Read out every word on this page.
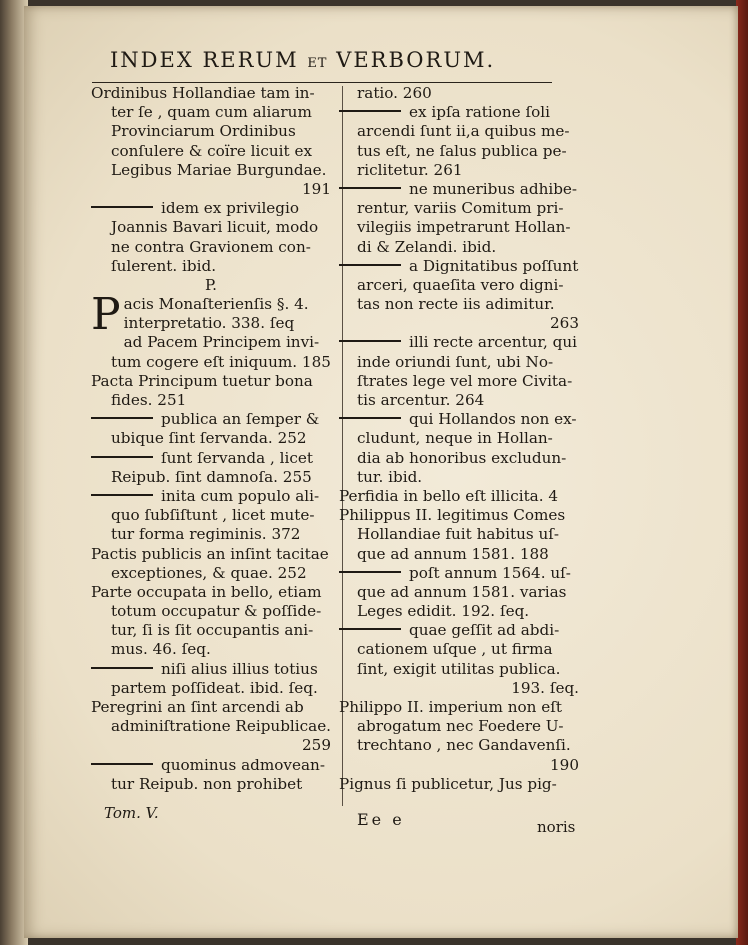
INDEX RERUM ET VERBORUM.
Ordinibus Hollandiae tam in-
ter ſe , quam cum aliarum
Provinciarum Ordinibus
conſulere & coïre licuit ex
Legibus Mariae Burgundae.
191
idem ex privilegio
Joannis Bavari licuit, modo
ne contra Gravionem con-
ſulerent. ibid.
P.
Pacis Monaſterienſis §. 4.
interpretatio. 338. ſeq
ad Pacem Principem invi-
tum cogere eſt iniquum. 185
Pacta Principum tuetur bona
fides. 251
publica an ſemper &
ubique ſint ſervanda. 252
ſunt ſervanda , licet
Reipub. ſint damnoſa. 255
inita cum populo ali-
quo ſubſiſtunt , licet mute-
tur forma regiminis. 372
Pactis publicis an inſint tacitae
exceptiones, & quae. 252
Parte occupata in bello, etiam
totum occupatur & poſſide-
tur, ſi is ſit occupantis ani-
mus. 46. ſeq.
niſi alius illius totius
partem poſſideat. ibid. ſeq.
Peregrini an ſint arcendi ab
adminiſtratione Reipublicae.
259
quominus admovean-
tur Reipub. non prohibet
ratio. 260
ex ipſa ratione ſoli
arcendi ſunt ii,a quibus me-
tus eſt, ne ſalus publica pe-
riclitetur. 261
ne muneribus adhibe-
rentur, variis Comitum pri-
vilegiis impetrarunt Hollan-
di & Zelandi. ibid.
a Dignitatibus poſſunt
arceri, quaeſita vero digni-
tas non recte iis adimitur.
263
illi recte arcentur, qui
inde oriundi ſunt, ubi No-
ſtrates lege vel more Civita-
tis arcentur. 264
qui Hollandos non ex-
cludunt, neque in Hollan-
dia ab honoribus excludun-
tur. ibid.
Perfidia in bello eſt illicita. 4
Philippus II. legitimus Comes
Hollandiae fuit habitus uſ-
que ad annum 1581. 188
poſt annum 1564. uſ-
que ad annum 1581. varias
Leges edidit. 192. ſeq.
quae geſſit ad abdi-
cationem uſque , ut firma
ſint, exigit utilitas publica.
193. ſeq.
Philippo II. imperium non eſt
abrogatum nec Foedere U-
trechtano , nec Gandavenſi.
190
Pignus ſi publicetur, Jus pig-
Tom. V.	Ee e	noris
